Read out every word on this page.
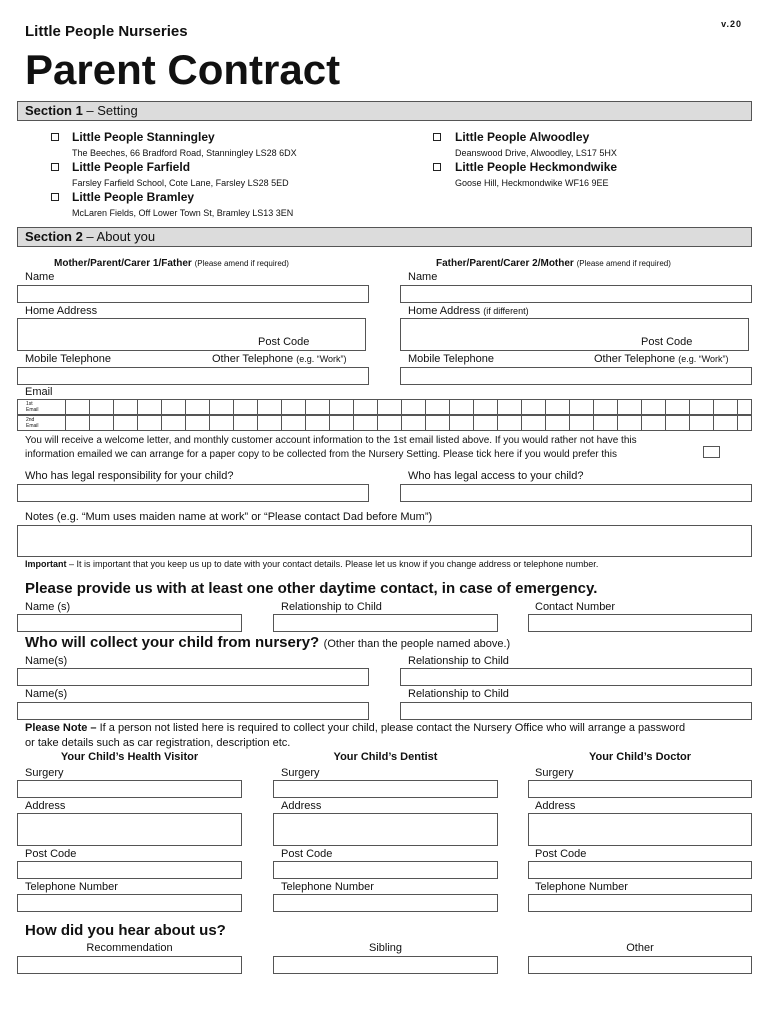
v.20
Little People Nurseries
Parent Contract
Section 1 – Setting
Little People Stanningley
The Beeches, 66 Bradford Road, Stanningley LS28 6DX
Little People Farfield
Farsley Farfield School, Cote Lane, Farsley LS28 5ED
Little People Bramley
McLaren Fields, Off Lower Town St, Bramley LS13 3EN
Little People Alwoodley
Deanswood Drive, Alwoodley, LS17 5HX
Little People Heckmondwike
Goose Hill, Heckmondwike WF16 9EE
Section 2 – About you
Mother/Parent/Carer 1/Father (Please amend if required)	Father/Parent/Carer 2/Mother (Please amend if required)
Name	Name
Home Address	Home Address (if different)
Post Code	Post Code
Mobile Telephone	Other Telephone (e.g. “Work”)	Mobile Telephone	Other Telephone (e.g. “Work”)
Email
1st
Email
2nd
Email
You will receive a welcome letter, and monthly customer account information to the 1st email listed above. If you would rather not have this
information emailed we can arrange for a paper copy to be collected from the Nursery Setting. Please tick here if you would prefer this
Who has legal responsibility for your child?	Who has legal access to your child?
Notes (e.g. “Mum uses maiden name at work” or “Please contact Dad before Mum”)
Important – It is important that you keep us up to date with your contact details. Please let us know if you change address or telephone number.
Please provide us with at least one other daytime contact, in case of emergency.
Name (s)	Relationship to Child	Contact Number
Who will collect your child from nursery? (Other than the people named above.)
Name(s)	Relationship to Child
Name(s)	Relationship to Child
Please Note – If a person not listed here is required to collect your child, please contact the Nursery Office who will arrange a password
or take details such as car registration, description etc.
Your Child’s Health Visitor	Your Child’s Dentist	Your Child’s Doctor
Surgery	Surgery	Surgery
Address	Address	Address
Post Code	Post Code	Post Code
Telephone Number	Telephone Number	Telephone Number
How did you hear about us?
Recommendation	Sibling	Other
